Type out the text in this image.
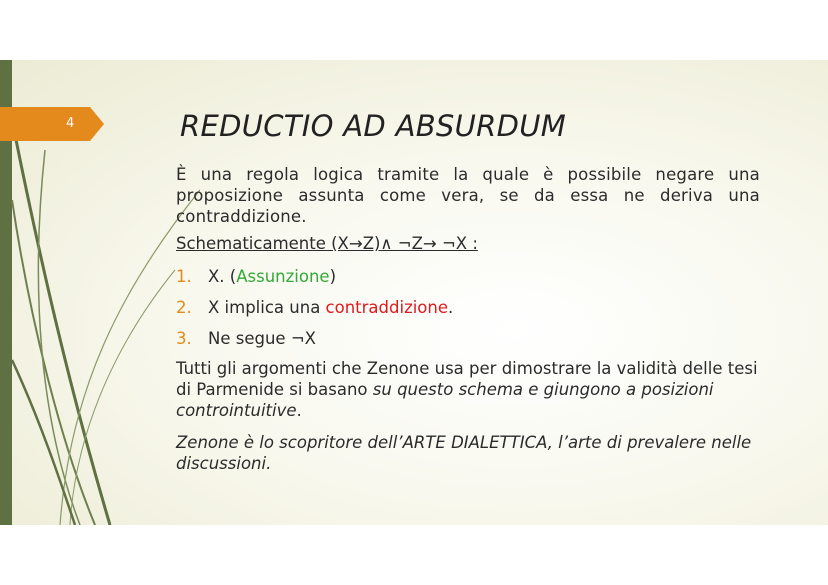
4	REDUCTIO AD ABSURDUM

È una regola logica tramite la quale è possibile negare una proposizione assunta come vera, se da essa ne deriva una contraddizione.

Schematicamente (X→Z)∧ ¬Z→ ¬X :

1. X. (Assunzione)
2. X implica una contraddizione.
3. Ne segue ¬X

Tutti gli argomenti che Zenone usa per dimostrare la validità delle tesi di Parmenide si basano su questo schema e giungono a posizioni controintuitive.

Zenone è lo scopritore dell’ARTE DIALETTICA, l’arte di prevalere nelle discussioni.
